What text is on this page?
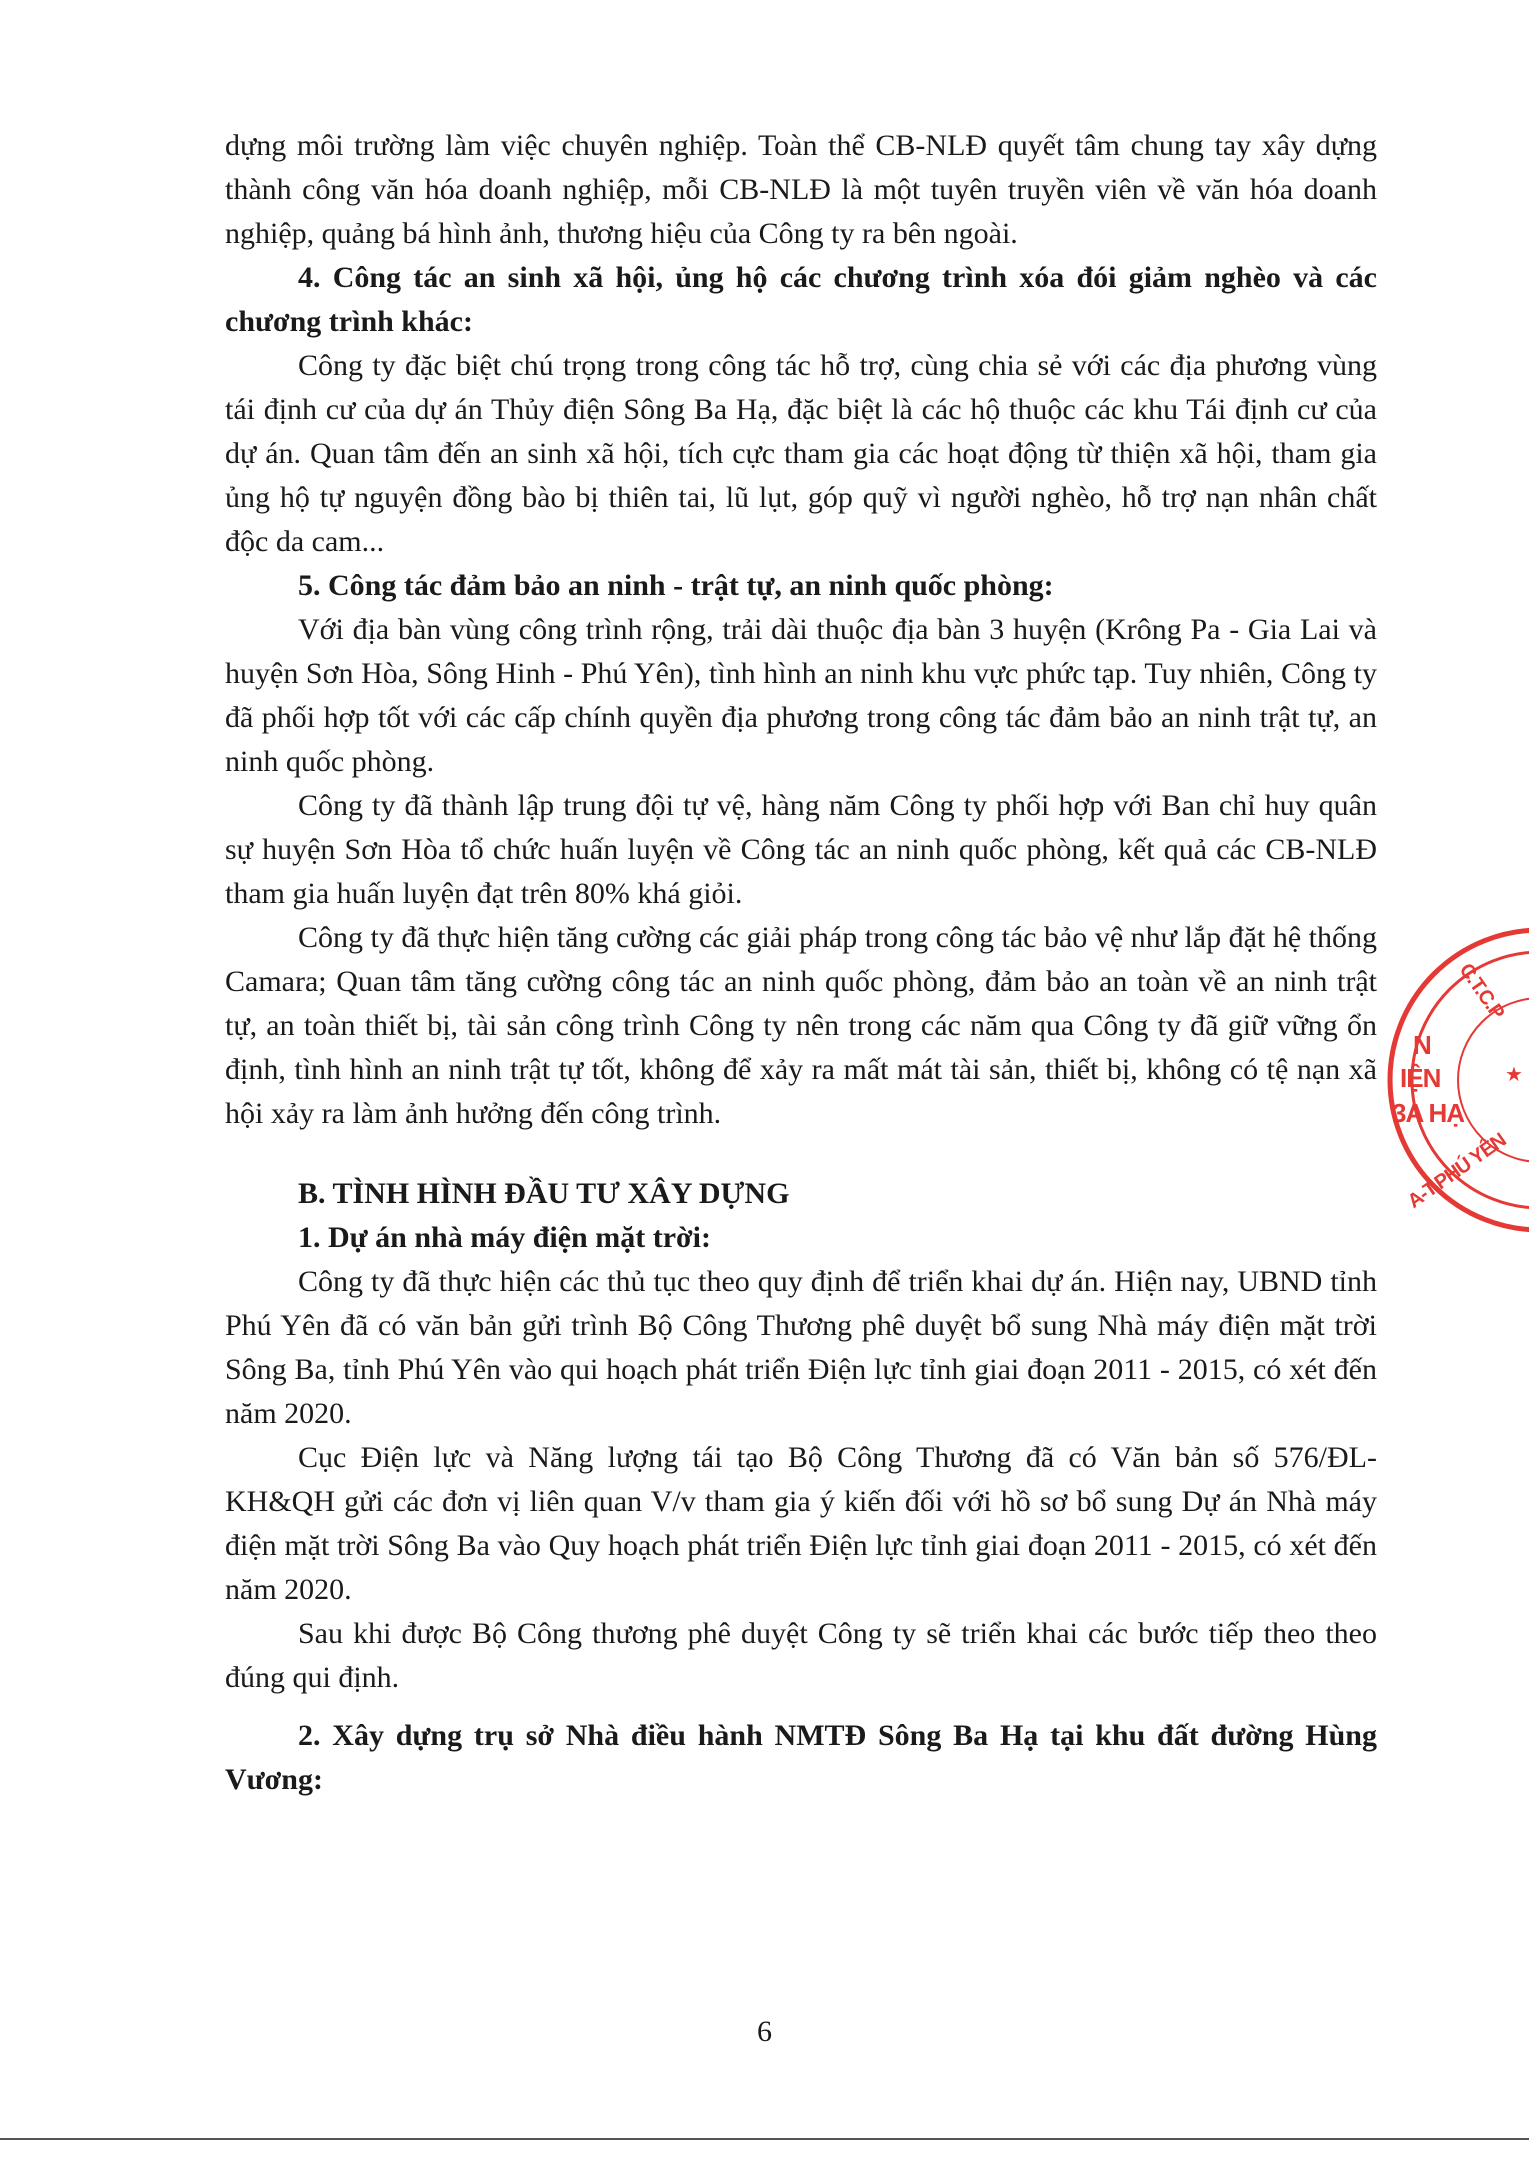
dựng môi trường làm việc chuyên nghiệp. Toàn thể CB-NLĐ quyết tâm chung tay xây dựng thành công văn hóa doanh nghiệp, mỗi CB-NLĐ là một tuyên truyền viên về văn hóa doanh nghiệp, quảng bá hình ảnh, thương hiệu của Công ty ra bên ngoài.

4. Công tác an sinh xã hội, ủng hộ các chương trình xóa đói giảm nghèo và các chương trình khác:

Công ty đặc biệt chú trọng trong công tác hỗ trợ, cùng chia sẻ với các địa phương vùng tái định cư của dự án Thủy điện Sông Ba Hạ, đặc biệt là các hộ thuộc các khu Tái định cư của dự án. Quan tâm đến an sinh xã hội, tích cực tham gia các hoạt động từ thiện xã hội, tham gia ủng hộ tự nguyện đồng bào bị thiên tai, lũ lụt, góp quỹ vì người nghèo, hỗ trợ nạn nhân chất độc da cam...

5. Công tác đảm bảo an ninh - trật tự, an ninh quốc phòng:

Với địa bàn vùng công trình rộng, trải dài thuộc địa bàn 3 huyện (Krông Pa - Gia Lai và huyện Sơn Hòa, Sông Hinh - Phú Yên), tình hình an ninh khu vực phức tạp. Tuy nhiên, Công ty đã phối hợp tốt với các cấp chính quyền địa phương trong công tác đảm bảo an ninh trật tự, an ninh quốc phòng.

Công ty đã thành lập trung đội tự vệ, hàng năm Công ty phối hợp với Ban chỉ huy quân sự huyện Sơn Hòa tổ chức huấn luyện về Công tác an ninh quốc phòng, kết quả các CB-NLĐ tham gia huấn luyện đạt trên 80% khá giỏi.

Công ty đã thực hiện tăng cường các giải pháp trong công tác bảo vệ như lắp đặt hệ thống Camara; Quan tâm tăng cường công tác an ninh quốc phòng, đảm bảo an toàn về an ninh trật tự, an toàn thiết bị, tài sản công trình Công ty nên trong các năm qua Công ty đã giữ vững ổn định, tình hình an ninh trật tự tốt, không để xảy ra mất mát tài sản, thiết bị, không có tệ nạn xã hội xảy ra làm ảnh hưởng đến công trình.

B. TÌNH HÌNH ĐẦU TƯ XÂY DỰNG

1. Dự án nhà máy điện mặt trời:

Công ty đã thực hiện các thủ tục theo quy định để triển khai dự án. Hiện nay, UBND tỉnh Phú Yên đã có văn bản gửi trình Bộ Công Thương phê duyệt bổ sung Nhà máy điện mặt trời Sông Ba, tỉnh Phú Yên vào qui hoạch phát triển Điện lực tỉnh giai đoạn 2011 - 2015, có xét đến năm 2020.

Cục Điện lực và Năng lượng tái tạo Bộ Công Thương đã có Văn bản số 576/ĐL-KH&QH gửi các đơn vị liên quan V/v tham gia ý kiến đối với hồ sơ bổ sung Dự án Nhà máy điện mặt trời Sông Ba vào Quy hoạch phát triển Điện lực tỉnh giai đoạn 2011 - 2015, có xét đến năm 2020.

Sau khi được Bộ Công thương phê duyệt Công ty sẽ triển khai các bước tiếp theo theo đúng qui định.

2. Xây dựng trụ sở Nhà điều hành NMTĐ Sông Ba Hạ tại khu đất đường Hùng Vương:

N
IỆN
3A HẠ
C.T.C.P
A-T.PHÚ YÊN
★
6
